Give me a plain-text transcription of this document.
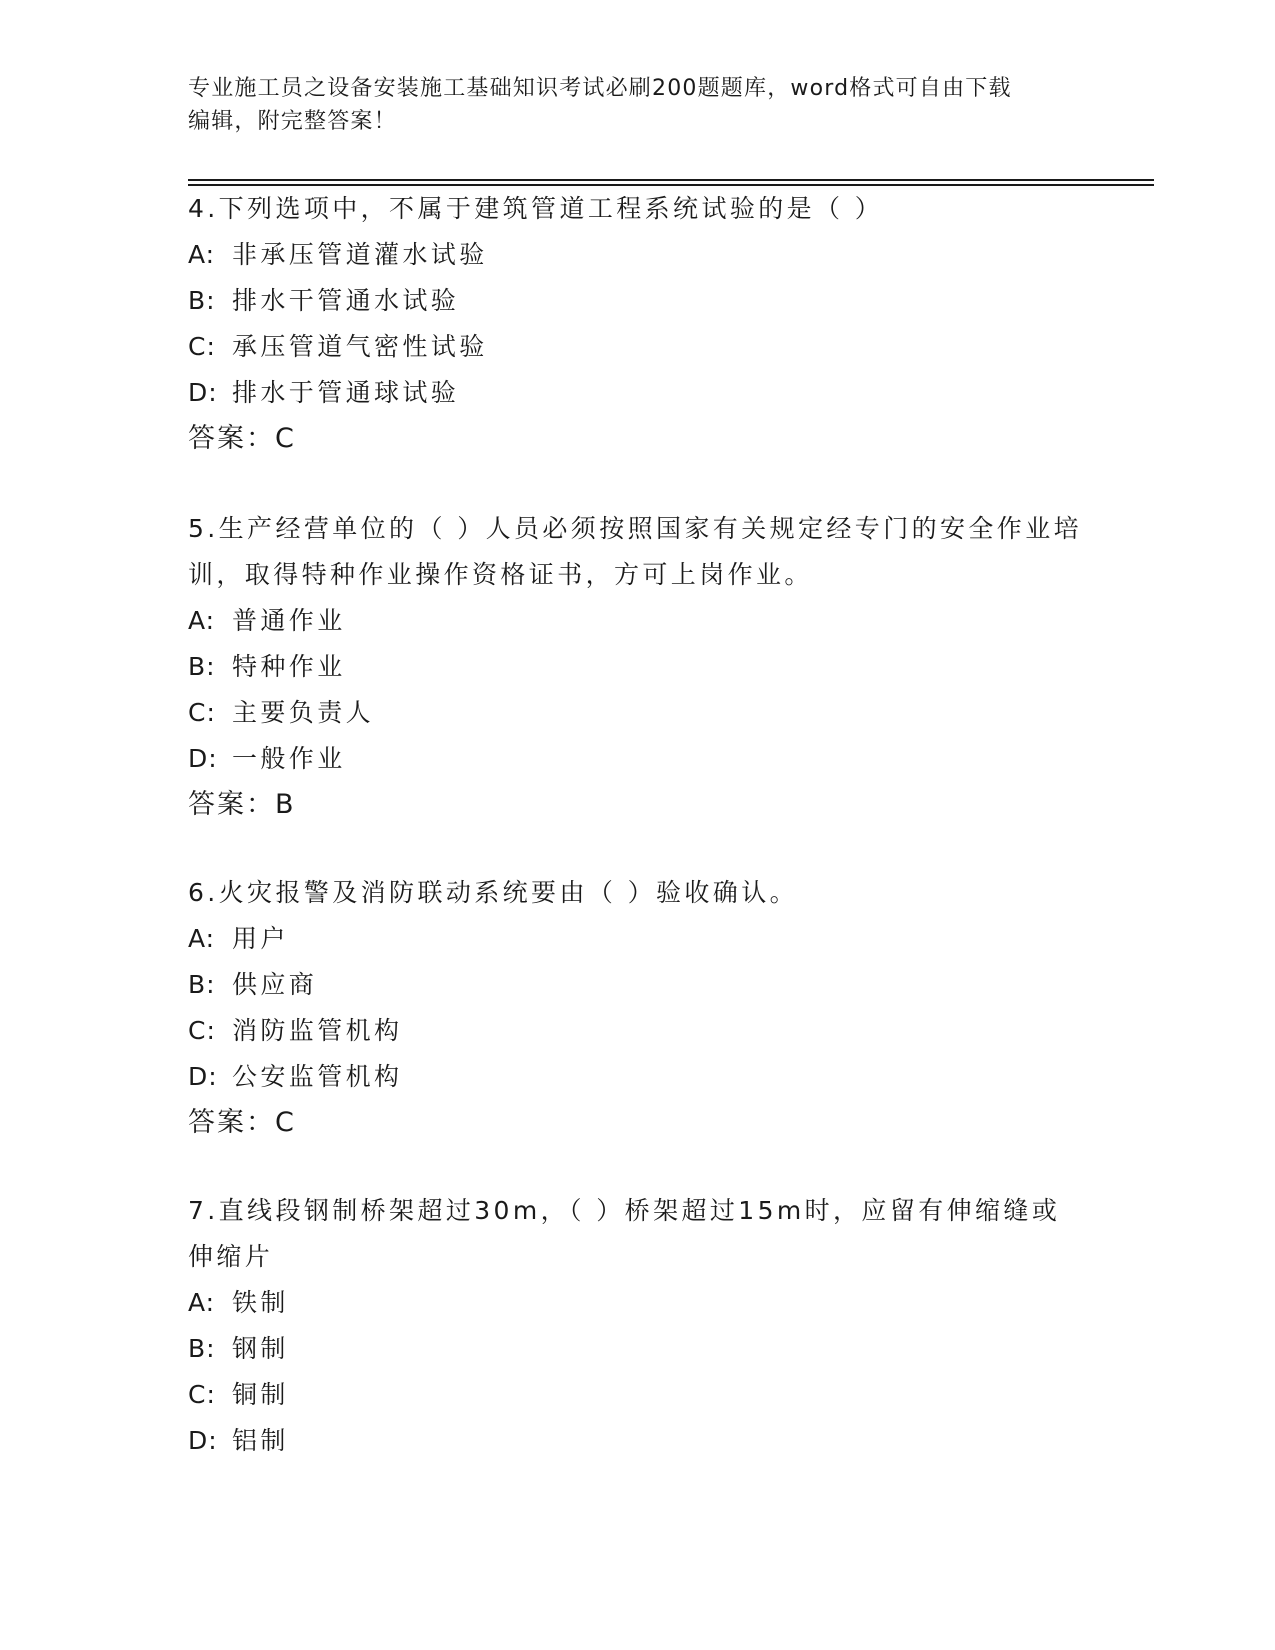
专业施工员之设备安装施工基础知识考试必刷200题题库，word格式可自由下载
编辑，附完整答案！

4.下列选项中，不属于建筑管道工程系统试验的是（ ）

A: 非承压管道灌水试验

B: 排水干管通水试验

C: 承压管道气密性试验

D: 排水于管通球试验

答案：C

5.生产经营单位的（ ）人员必须按照国家有关规定经专门的安全作业培训，取得特种作业操作资格证书，方可上岗作业。

A: 普通作业

B: 特种作业

C: 主要负责人

D: 一般作业

答案：B

6.火灾报警及消防联动系统要由（ ）验收确认。

A: 用户

B: 供应商

C: 消防监管机构

D: 公安监管机构

答案：C

7.直线段钢制桥架超过30m，（ ）桥架超过15m时，应留有伸缩缝或伸缩片

A: 铁制

B: 钢制

C: 铜制

D: 铝制
